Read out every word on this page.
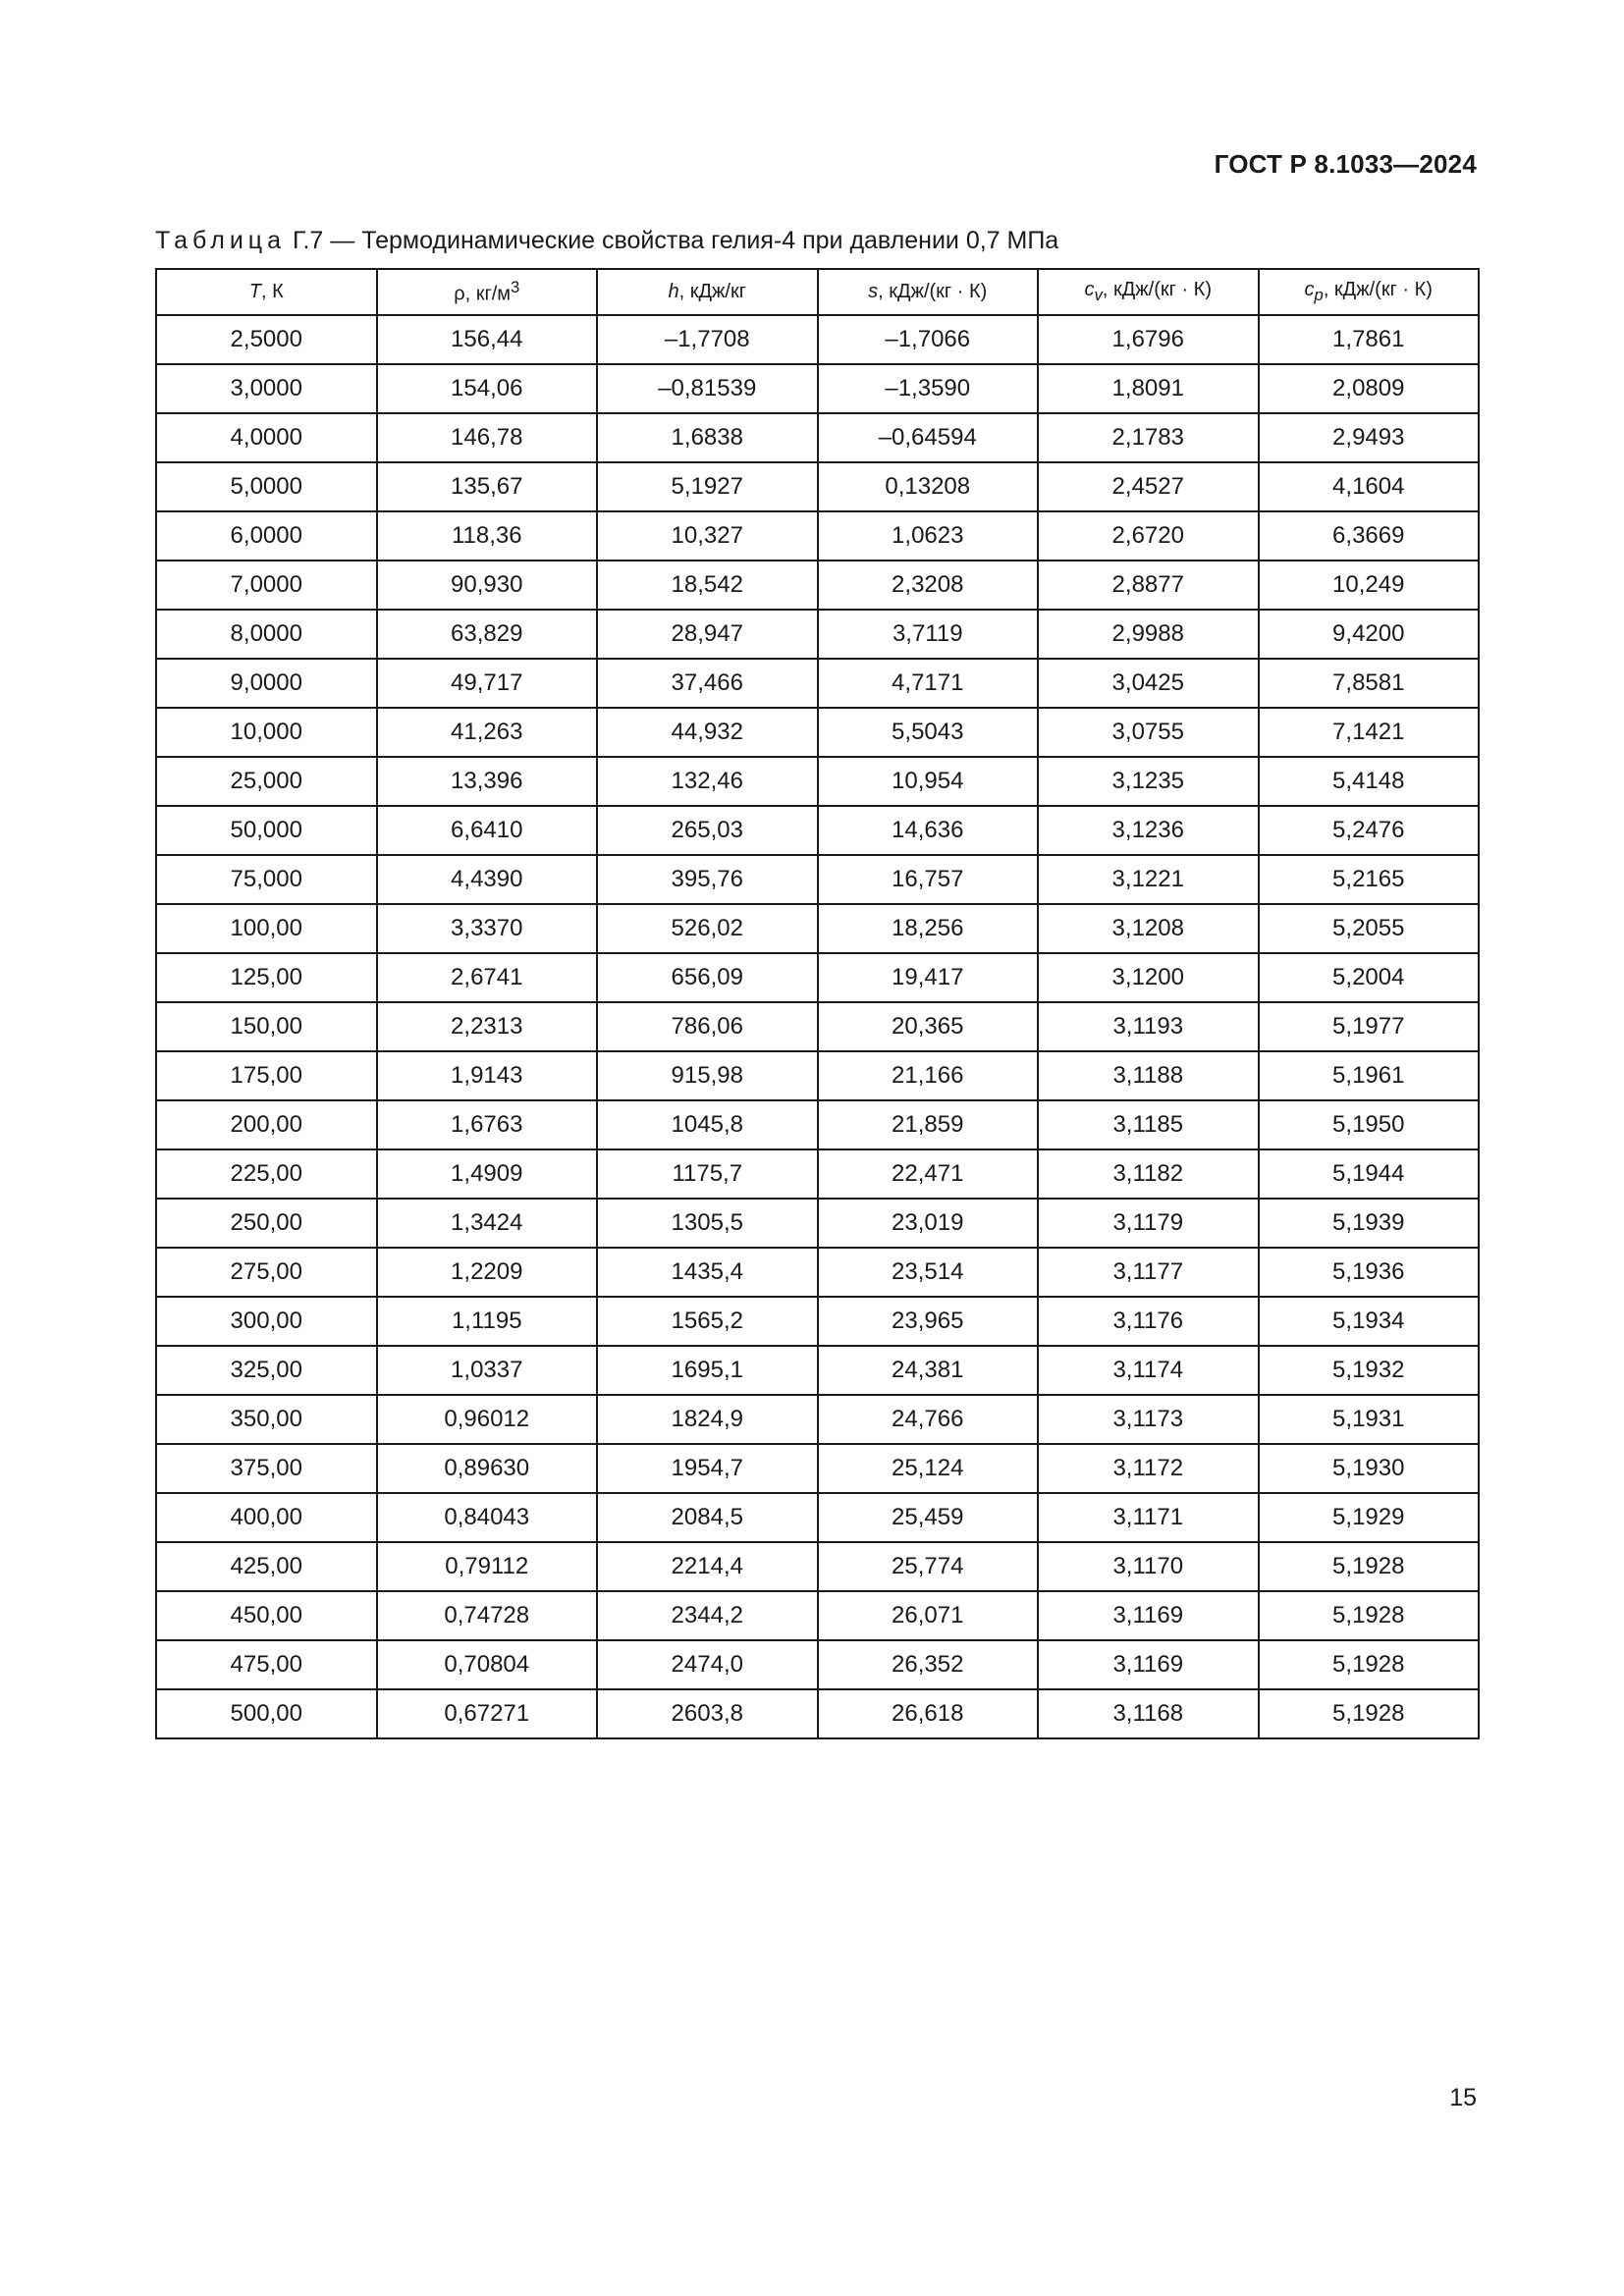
ГОСТ Р 8.1033—2024
Таблица Г.7 — Термодинамические свойства гелия-4 при давлении 0,7 МПа
T, К	ρ, $кг/м^3$	h, кДж/кг	s, кДж/(кг · К)	$c_v$, кДж/(кг · К)	$c_p$, кДж/(кг · К)
2,5000	156,44	–1,7708	–1,7066	1,6796	1,7861
3,0000	154,06	–0,81539	–1,3590	1,8091	2,0809
4,0000	146,78	1,6838	–0,64594	2,1783	2,9493
5,0000	135,67	5,1927	0,13208	2,4527	4,1604
6,0000	118,36	10,327	1,0623	2,6720	6,3669
7,0000	90,930	18,542	2,3208	2,8877	10,249
8,0000	63,829	28,947	3,7119	2,9988	9,4200
9,0000	49,717	37,466	4,7171	3,0425	7,8581
10,000	41,263	44,932	5,5043	3,0755	7,1421
25,000	13,396	132,46	10,954	3,1235	5,4148
50,000	6,6410	265,03	14,636	3,1236	5,2476
75,000	4,4390	395,76	16,757	3,1221	5,2165
100,00	3,3370	526,02	18,256	3,1208	5,2055
125,00	2,6741	656,09	19,417	3,1200	5,2004
150,00	2,2313	786,06	20,365	3,1193	5,1977
175,00	1,9143	915,98	21,166	3,1188	5,1961
200,00	1,6763	1045,8	21,859	3,1185	5,1950
225,00	1,4909	1175,7	22,471	3,1182	5,1944
250,00	1,3424	1305,5	23,019	3,1179	5,1939
275,00	1,2209	1435,4	23,514	3,1177	5,1936
300,00	1,1195	1565,2	23,965	3,1176	5,1934
325,00	1,0337	1695,1	24,381	3,1174	5,1932
350,00	0,96012	1824,9	24,766	3,1173	5,1931
375,00	0,89630	1954,7	25,124	3,1172	5,1930
400,00	0,84043	2084,5	25,459	3,1171	5,1929
425,00	0,79112	2214,4	25,774	3,1170	5,1928
450,00	0,74728	2344,2	26,071	3,1169	5,1928
475,00	0,70804	2474,0	26,352	3,1169	5,1928
500,00	0,67271	2603,8	26,618	3,1168	5,1928
15
